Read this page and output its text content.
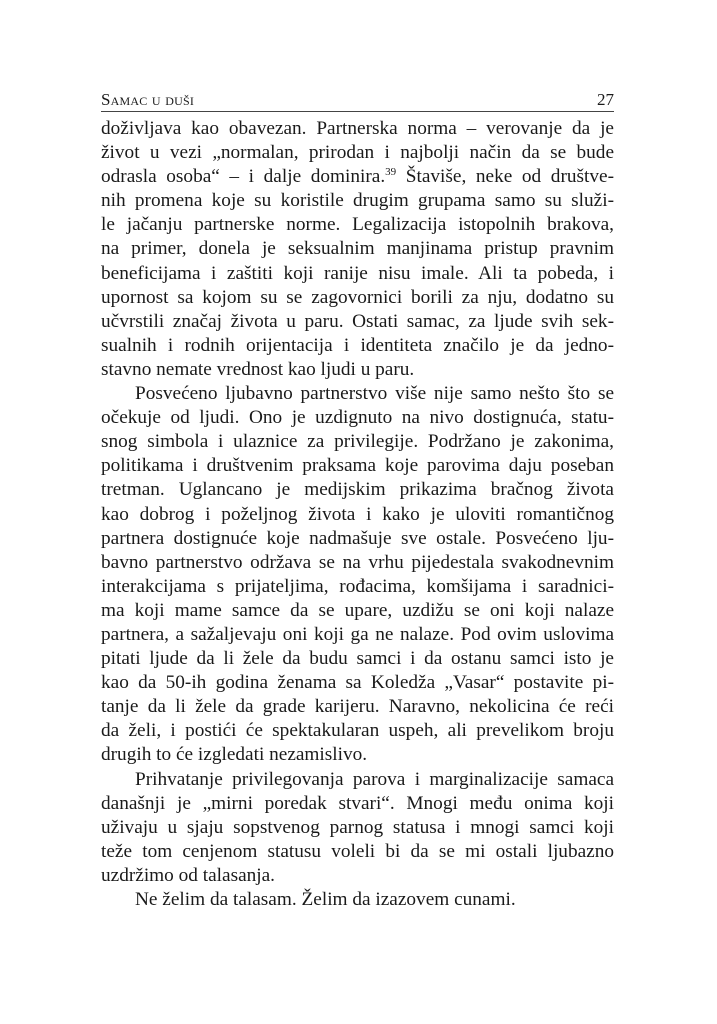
Samac u duši	27
doživljava kao obavezan. Partnerska norma – verovanje da je
život u vezi „normalan, prirodan i najbolji način da se bude
odrasla osoba“ – i dalje dominira.$^{39}$ Štaviše, neke od društve-
nih promena koje su koristile drugim grupama samo su služi-
le jačanju partnerske norme. Legalizacija istopolnih brakova,
na primer, donela je seksualnim manjinama pristup pravnim
beneficijama i zaštiti koji ranije nisu imale. Ali ta pobeda, i
upornost sa kojom su se zagovornici borili za nju, dodatno su
učvrstili značaj života u paru. Ostati samac, za ljude svih sek-
sualnih i rodnih orijentacija i identiteta značilo je da jedno-
stavno nemate vrednost kao ljudi u paru.
Posvećeno ljubavno partnerstvo više nije samo nešto što se
očekuje od ljudi. Ono je uzdignuto na nivo dostignuća, statu-
snog simbola i ulaznice za privilegije. Podržano je zakonima,
politikama i društvenim praksama koje parovima daju poseban
tretman. Uglancano je medijskim prikazima bračnog života
kao dobrog i poželjnog života i kako je uloviti romantičnog
partnera dostignuće koje nadmašuje sve ostale. Posvećeno lju-
bavno partnerstvo održava se na vrhu pijedestala svakodnevnim
interakcijama s prijateljima, rođacima, komšijama i saradnici-
ma koji mame samce da se upare, uzdižu se oni koji nalaze
partnera, a sažaljevaju oni koji ga ne nalaze. Pod ovim uslovima
pitati ljude da li žele da budu samci i da ostanu samci isto je
kao da 50-ih godina ženama sa Koledža „Vasar“ postavite pi-
tanje da li žele da grade karijeru. Naravno, nekolicina će reći
da želi, i postići će spektakularan uspeh, ali prevelikom broju
drugih to će izgledati nezamislivo.
Prihvatanje privilegovanja parova i marginalizacije samaca
današnji je „mirni poredak stvari“. Mnogi među onima koji
uživaju u sjaju sopstvenog parnog statusa i mnogi samci koji
teže tom cenjenom statusu voleli bi da se mi ostali ljubazno
uzdržimo od talasanja.
Ne želim da talasam. Želim da izazovem cunami.
